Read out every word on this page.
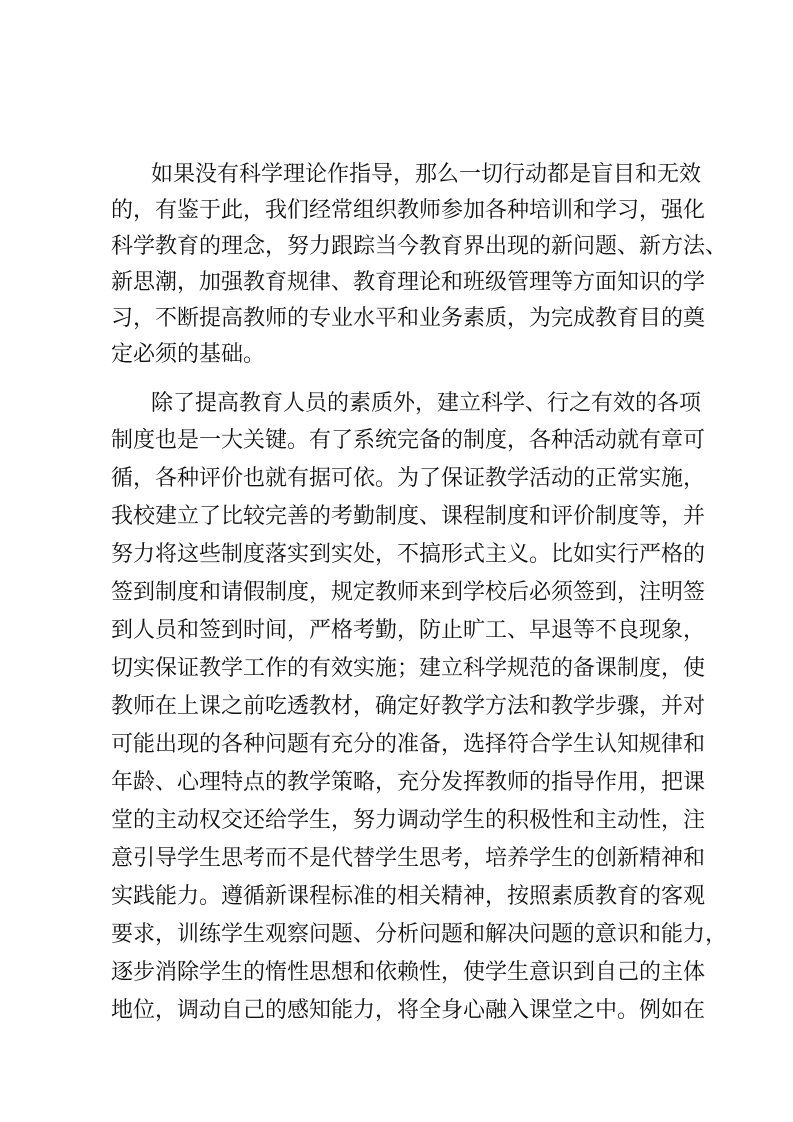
如果没有科学理论作指导，那么一切行动都是盲目和无效

的，有鉴于此，我们经常组织教师参加各种培训和学习，强化

科学教育的理念，努力跟踪当今教育界出现的新问题、新方法、

新思潮，加强教育规律、教育理论和班级管理等方面知识的学

习，不断提高教师的专业水平和业务素质，为完成教育目的奠

定必须的基础。

除了提高教育人员的素质外，建立科学、行之有效的各项

制度也是一大关键。有了系统完备的制度，各种活动就有章可

循，各种评价也就有据可依。为了保证教学活动的正常实施，

我校建立了比较完善的考勤制度、课程制度和评价制度等，并

努力将这些制度落实到实处，不搞形式主义。比如实行严格的

签到制度和请假制度，规定教师来到学校后必须签到，注明签

到人员和签到时间，严格考勤，防止旷工、早退等不良现象，

切实保证教学工作的有效实施；建立科学规范的备课制度，使

教师在上课之前吃透教材，确定好教学方法和教学步骤，并对

可能出现的各种问题有充分的准备，选择符合学生认知规律和

年龄、心理特点的教学策略，充分发挥教师的指导作用，把课

堂的主动权交还给学生，努力调动学生的积极性和主动性，注

意引导学生思考而不是代替学生思考，培养学生的创新精神和

实践能力。遵循新课程标准的相关精神，按照素质教育的客观

要求，训练学生观察问题、分析问题和解决问题的意识和能力，

逐步消除学生的惰性思想和依赖性，使学生意识到自己的主体

地位，调动自己的感知能力，将全身心融入课堂之中。例如在
